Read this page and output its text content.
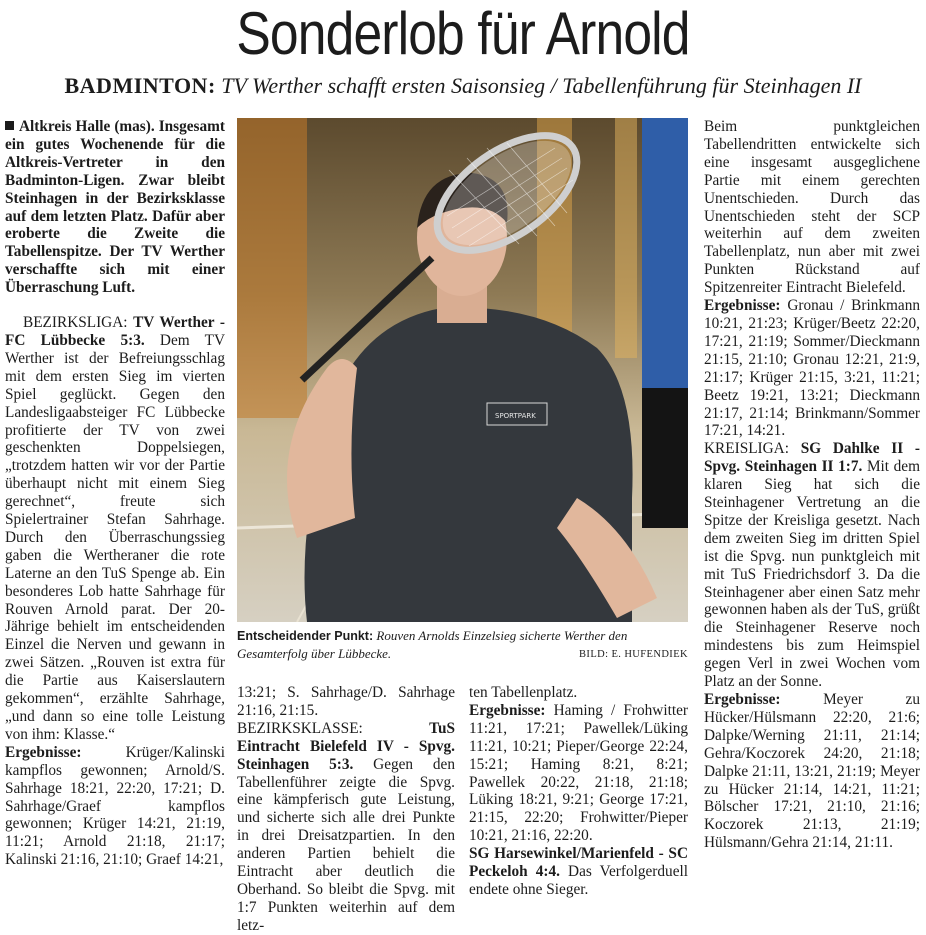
Sonderlob für Arnold
BADMINTON: TV Werther schafft ersten Saisonsieg / Tabellenführung für Steinhagen II

Altkreis Halle (mas). Insgesamt ein gutes Wochenende für die Altkreis-Vertreter in den Badminton-Ligen. Zwar bleibt Steinhagen in der Bezirksklasse auf dem letzten Platz. Dafür aber eroberte die Zweite die Tabellenspitze. Der TV Werther verschaffte sich mit einer Überraschung Luft.

BEZIRKSLIGA: TV Werther - FC Lübbecke 5:3. Dem TV Werther ist der Befreiungsschlag mit dem ersten Sieg im vierten Spiel geglückt. Gegen den Landesligaabsteiger FC Lübbecke profitierte der TV von zwei geschenkten Doppelsiegen, „trotzdem hatten wir vor der Partie überhaupt nicht mit einem Sieg gerechnet“, freute sich Spielertrainer Stefan Sahrhage. Durch den Überraschungssieg gaben die Wertheraner die rote Laterne an den TuS Spenge ab. Ein besonderes Lob hatte Sahrhage für Rouven Arnold parat. Der 20-Jährige behielt im entscheidenden Einzel die Nerven und gewann in zwei Sätzen. „Rouven ist extra für die Partie aus Kaiserslautern gekommen“, erzählte Sahrhage, „und dann so eine tolle Leistung von ihm: Klasse.“

Ergebnisse: Krüger/Kalinski kampflos gewonnen; Arnold/S. Sahrhage 18:21, 22:20, 17:21; D. Sahrhage/Graef kampflos gewonnen; Krüger 14:21, 21:19, 11:21; Arnold 21:18, 21:17; Kalinski 21:16, 21:10; Graef 14:21,

SPORTPARK
Entscheidender Punkt: Rouven Arnolds Einzelsieg sicherte Werther den Gesamterfolg über Lübbecke.	BILD: E. HUFENDIEK

13:21; S. Sahrhage/D. Sahrhage 21:16, 21:15.

BEZIRKSKLASSE:	TuS Eintracht Bielefeld IV - Spvg. Steinhagen 5:3. Gegen den Tabellenführer zeigte die Spvg. eine kämpferisch gute Leistung, und sicherte sich alle drei Punkte in drei Dreisatzpartien. In den anderen Partien behielt die Eintracht aber deutlich die Oberhand. So bleibt die Spvg. mit 1:7 Punkten weiterhin auf dem letz-

ten Tabellenplatz.

Ergebnisse: Haming / Frohwitter 11:21, 17:21; Pawellek/Lüking 11:21, 10:21; Pieper/George 22:24, 15:21; Haming 8:21, 8:21; Pawellek 20:22, 21:18, 21:18; Lüking 18:21, 9:21; George 17:21, 21:15, 22:20; Frohwitter/Pieper 10:21, 21:16, 22:20.

SG Harsewinkel/Marienfeld - SC Peckeloh 4:4. Das Verfolgerduell endete ohne Sieger.

Beim punktgleichen Tabellendritten entwickelte sich eine insgesamt ausgeglichene Partie mit einem gerechten Unentschieden. Durch das Unentschieden steht der SCP weiterhin auf dem zweiten Tabellenplatz, nun aber mit zwei Punkten Rückstand auf Spitzenreiter Eintracht Bielefeld.

Ergebnisse: Gronau / Brinkmann 10:21, 21:23; Krüger/Beetz 22:20, 17:21, 21:19; Sommer/Dieckmann 21:15, 21:10; Gronau 12:21, 21:9, 21:17; Krüger 21:15, 3:21, 11:21; Beetz 19:21, 13:21; Dieckmann 21:17, 21:14; Brinkmann/Sommer 17:21, 14:21.

KREISLIGA: SG Dahlke II - Spvg. Steinhagen II 1:7. Mit dem klaren Sieg hat sich die Steinhagener Vertretung an die Spitze der Kreisliga gesetzt. Nach dem zweiten Sieg im dritten Spiel ist die Spvg. nun punktgleich mit mit TuS Friedrichsdorf 3. Da die Steinhagener aber einen Satz mehr gewonnen haben als der TuS, grüßt die Steinhagener Reserve noch mindestens bis zum Heimspiel gegen Verl in zwei Wochen vom Platz an der Sonne.

Ergebnisse: Meyer zu Hücker/Hülsmann 22:20, 21:6; Dalpke/Werning 21:11, 21:14; Gehra/Koczorek 24:20, 21:18; Dalpke 21:11, 13:21, 21:19; Meyer zu Hücker 21:14, 14:21, 11:21; Bölscher 17:21, 21:10, 21:16; Koczorek 21:13, 21:19; Hülsmann/Gehra 21:14, 21:11.
